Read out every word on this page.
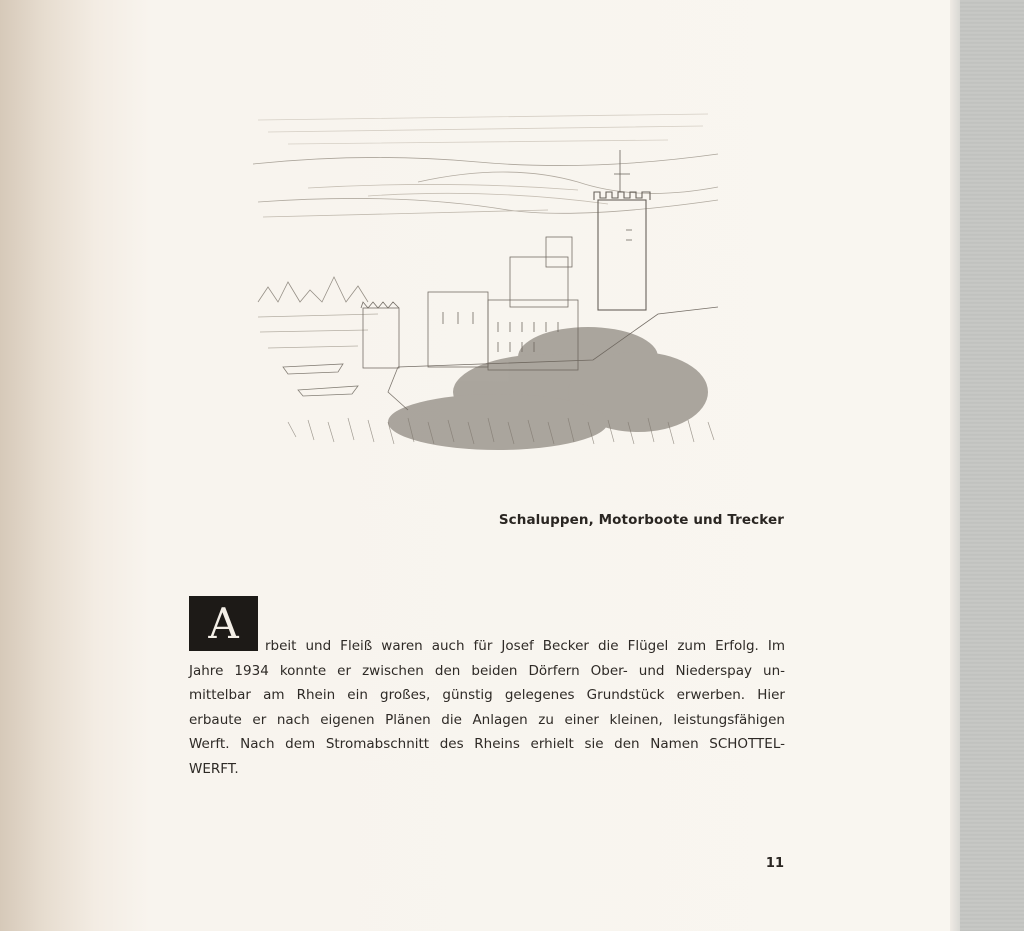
Schaluppen, Motorboote und Trecker
A	rbeit und Fleiß waren auch für Josef Becker die Flügel zum Erfolg. Im
Jahre 1934 konnte er zwischen den beiden Dörfern Ober- und Niederspay un-
mittelbar am Rhein ein großes, günstig gelegenes Grundstück erwerben. Hier
erbaute er nach eigenen Plänen die Anlagen zu einer kleinen, leistungsfähigen
Werft. Nach dem Stromabschnitt des Rheins erhielt sie den Namen SCHOTTEL-
WERFT.
11
